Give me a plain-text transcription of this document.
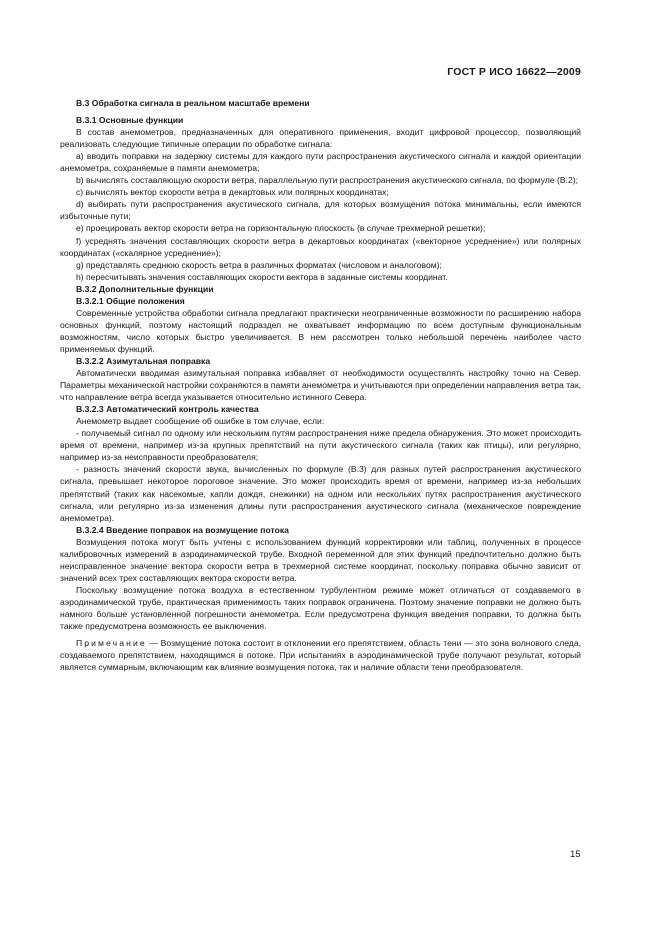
ГОСТ Р ИСО 16622—2009

В.3 Обработка сигнала в реальном масштабе времени

В.3.1 Основные функции

В состав анемометров, предназначенных для оперативного применения, входит цифровой процессор, позволяющий реализовать следующие типичные операции по обработке сигнала:

a) вводить поправки на задержку системы для каждого пути распространения акустического сигнала и каждой ориентации анемометра, сохраняемые в памяти анемометра;

b) вычислять составляющую скорости ветра, параллельную пути распространения акустического сигнала, по формуле (В.2);

c) вычислять вектор скорости ветра в декартовых или полярных координатах;

d) выбирать пути распространения акустического сигнала, для которых возмущения потока минимальны, если имеются избыточные пути;

e) проецировать вектор скорости ветра на горизонтальную плоскость (в случае трехмерной решетки);

f) усреднять значения составляющих скорости ветра в декартовых координатах («векторное усреднение») или полярных координатах («скалярное усреднение»);

g) представлять среднюю скорость ветра в различных форматах (числовом и аналоговом);

h) пересчитывать значения составляющих скорости вектора в заданные системы координат.

В.3.2 Дополнительные функции

В.3.2.1 Общие положения

Современные устройства обработки сигнала предлагают практически неограниченные возможности по расширению набора основных функций, поэтому настоящий подраздел не охватывает информацию по всем доступным функциональным возможностям, число которых быстро увеличивается. В нем рассмотрен только небольшой перечень наиболее часто применяемых функций.

В.3.2.2 Азимутальная поправка

Автоматически вводимая азимутальная поправка избавляет от необходимости осуществлять настройку точно на Север. Параметры механической настройки сохраняются в памяти анемометра и учитываются при определении направления ветра так, что направление ветра всегда указывается относительно истинного Севера.

В.3.2.3 Автоматический контроль качества

Анемометр выдает сообщение об ошибке в том случае, если:

- получаемый сигнал по одному или нескольким путям распространения ниже предела обнаружения. Это может происходить время от времени, например из-за крупных препятствий на пути акустического сигнала (таких как птицы), или регулярно, например из-за неисправности преобразователя;

- разность значений скорости звука, вычисленных по формуле (В.3) для разных путей распространения акустического сигнала, превышает некоторое пороговое значение. Это может происходить время от времени, например из-за небольших препятствий (таких как насекомые, капли дождя, снежинки) на одном или нескольких путях распространения акустического сигнала, или регулярно из-за изменения длины пути распространения акустического сигнала (механическое повреждение анемометра).

В.3.2.4 Введение поправок на возмущение потока

Возмущения потока могут быть учтены с использованием функций корректировки или таблиц, полученных в процессе калибровочных измерений в аэродинамической трубе. Входной переменной для этих функций предпочтительно должно быть неисправленное значение вектора скорости ветра в трехмерной системе координат, поскольку поправка обычно зависит от значений всех трех составляющих вектора скорости ветра.

Поскольку возмущение потока воздуха в естественном турбулентном режиме может отличаться от создаваемого в аэродинамической трубе, практическая применимость таких поправок ограничена. Поэтому значение поправки не должно быть намного больше установленной погрешности анемометра. Если предусмотрена функция введения поправки, то должна быть также предусмотрена возможность ее выключения.

Примечание — Возмущение потока состоит в отклонении его препятствием, область тени — это зона волнового следа, создаваемого препятствием, находящимся в потоке. При испытаниях в аэродинамической трубе получают результат, который является суммарным, включающим как влияние возмущения потока, так и наличие области тени преобразователя.

15
